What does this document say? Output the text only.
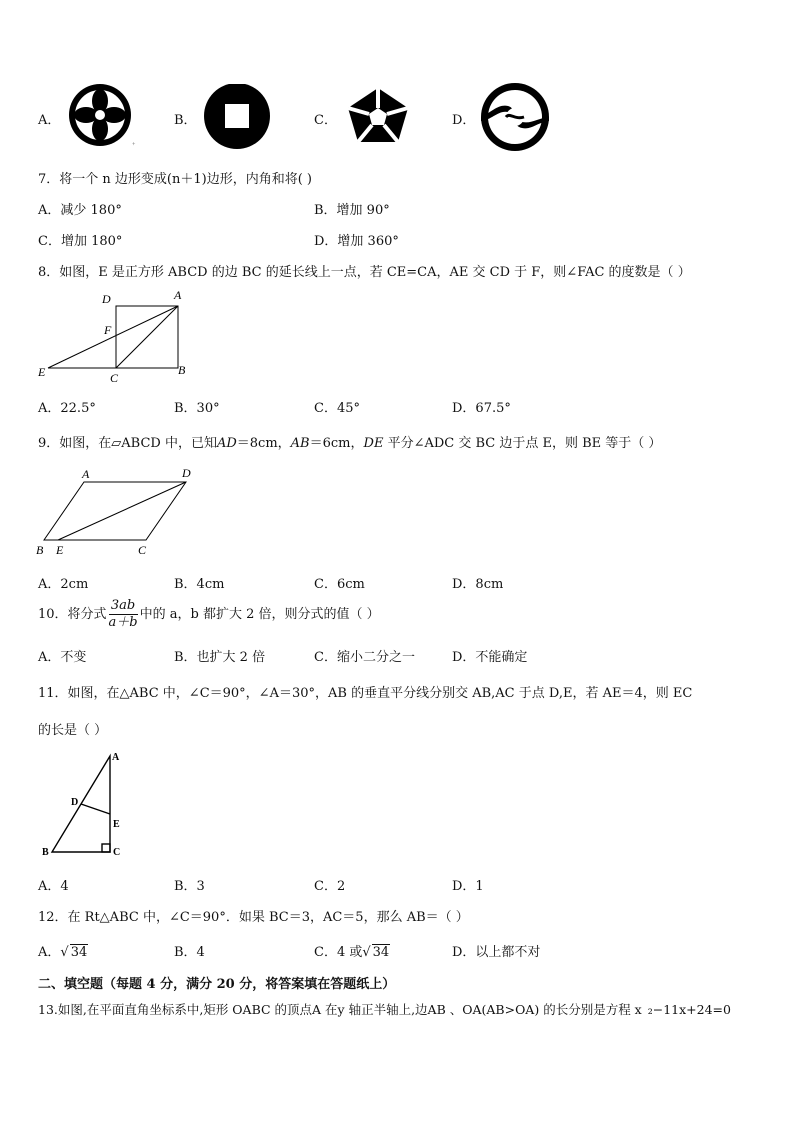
A．
+
B．	C．	D．
7．将一个 n 边形变成(n＋1)边形，内角和将( )
A．减少 180°	B．增加 90°
C．增加 180°	D．增加 360°
8．如图，E 是正方形 ABCD 的边 BC 的延长线上一点，若 CE=CA，AE 交 CD 于 F，则∠FAC 的度数是（ ）
D	A
F
E	C
B
A．22.5°	B．30°	C．45°	D．67.5°
9．如图，在▱ABCD 中，已知AD＝8cm，AB＝6cm，DE 平分∠ADC 交 BC 边于点 E，则 BE 等于（ ）
A	D
B E	C
A．2cm	B．4cm	C．6cm	D．8cm
10．将分式 $\frac{3ab}{a+b}$ 中的 a，b 都扩大 2 倍，则分式的值（ ）
A．不变	B．也扩大 2 倍	C．缩小二分之一	D．不能确定
11．如图，在△ABC 中，∠C＝90°，∠A＝30°，AB 的垂直平分线分别交 AB,AC 于点 D,E，若 AE＝4，则 EC
的长是（ ）
A
D
E
B	C
A．4	B．3	C．2	D．1
12．在 Rt△ABC 中，∠C＝90°．如果 BC＝3，AC＝5，那么 AB＝（ ）
A．√ 34	B．4	C．4 或√ 34	D．以上都不对
二、填空题（每题 4 分，满分 20 分，将答案填在答题纸上）
13.如图,在平面直角坐标系中,矩形 OABC 的顶点A 在y 轴正半轴上,边AB 、OA(AB>OA) 的长分别是方程 x ₂−11x+24=0
